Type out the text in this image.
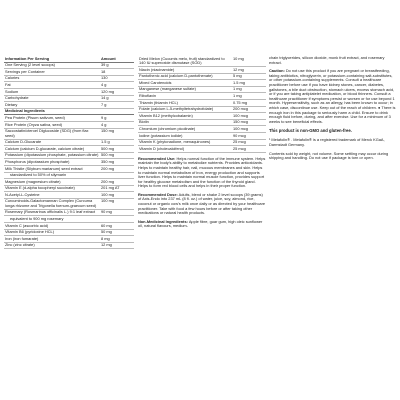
Information Per Serving	Amount
One Serving (2 level scoops)	39 g
Servings per Container	18
Calories	130
Fat	4 g
Sodium	120 mg
Carbohydrate	14 g
Dietary	7 g
Medicinal Ingredients	
Pea Protein (Pisum sativum, seed)	9 g
Rice Protein (Oryza sativa, seed)	4 g
Saccostatin/cteroel Diglucoside (SDG) (from flax seed)	150 mg
Calcium D-Glucarate	1.5 g
Calcium (calcium D-glucarate, calcium citrate)	500 mg
Potassium (dipotassium phosphate, potassium citrate)	500 mg
Phosphorus (dipotassium phosphate)	350 mg
Milk Thistle (Silybum marianum) seed extract	200 mg
standardized to 50% of silymarin	
Magnesium (magnesium citrate)	200 mg
Vitamin E (d-alpha tocopheryl succinate)	201 mg AT
N-Acetyl-L-Cysteine	100 mg
Curcuminoids-Galactomannan Complex (Curcuma longa rhizome and Trigonella foenum-graecum seed)	100 mg
Rosemary (Rosmarinus officinalis L.) 9:1 leaf extract	90 mg
equivalent to 900 mg rosemary	
Vitamin C (ascorbic acid)	60 mg
Vitamin B6 (pyridoxine HCL)	50 mg
Iron (iron fumarate)	8 mg
Zinc (zinc citrate)	12 mg
Dried Melon (Cucumis melo, fruit) standardized to 140 IU superoxide dismutase (SOD)	10 mg
Niacin (niacinamide)	12 mg
Pantothenic acid (calcium D-pantothenate)	5 mg
Mixed Carotenoids	1.5 mg
Manganese (manganese sulfate)	1 mg
Riboflavin	1 mg
Thiamin (thiamin HCL)	0.75 mg
Folate (calcium L-5-methyltetrahydrofolate)	200 mcg
Vitamin B12 (methylcobalamin)	100 mcg
Biotin	150 mcg
Chromium (chromium picolinate)	100 mcg
Iodine (potassium iodide)	90 mcg
Vitamin K (phytonadione, menaquinones)	25 mcg
Vitamin D (cholecalciferol)	25 mcg

Recommended Use: Helps normal function of the immune system. Helps maintain the body's ability to metabolize nutrients. Provides antioxidants. Helps to maintain healthy hair, nail, mucous membranes and skin. Helps to maintain normal metabolism of iron, energy production and supports liver function. Helps to maintain normal muscle function, provides support for healthy glucose metabolism and the function of the thyroid gland. Helps to form red blood cells and helps in their proper function.

Recommended Dose: Adults, blend or shake 2 level scoops (39 grams) of Axis-Endo into 237 mL (8 fl. oz.) of water, juice, soy, almond, rice, coconut or organic cow's milk once daily or as directed by your healthcare practitioner. Take with food a few hours before or after taking other medications or natural health products.

Non-Medicinal Ingredients: Apple fibre, guar gum, high oleic sunflower oil, natural flavours, medium-

chain triglycerides, silicon dioxide, monk fruit extract, and rosemary extract.

Caution: Do not use this product if you are pregnant or breastfeeding, taking antibiotics, nitroglycerin, or potassium-containing salt-substitutes, or other potassium-containing supplements. Consult a healthcare practitioner before use if you have kidney stones, cancer, diabetes, gallstones, a bile duct obstruction, stomach ulcers, excess stomach acid, or if you are taking antiplatelet medication, or blood thinners. Consult a healthcare practitioner if symptoms persist or worsen or for use beyond 1 month. Hypersensitivity, such as an allergy, has been known to occur; in which case, discontinue use. Keep out of the reach of children. ● There is enough iron in this package to seriously harm a child. Ensure to drink enough fluid before, during, and after exercise. Use for a minimum of 3 weeks to see beneficial effects.

This product is non-GMO and gluten-free.

¹ Metafolin® . Metafolin® is a registered trademark of Merck KGaA, Darmstadt Germany.

Contents sold by weight, not volume. Some settling may occur during shipping and handling. Do not use if package is torn or open.
